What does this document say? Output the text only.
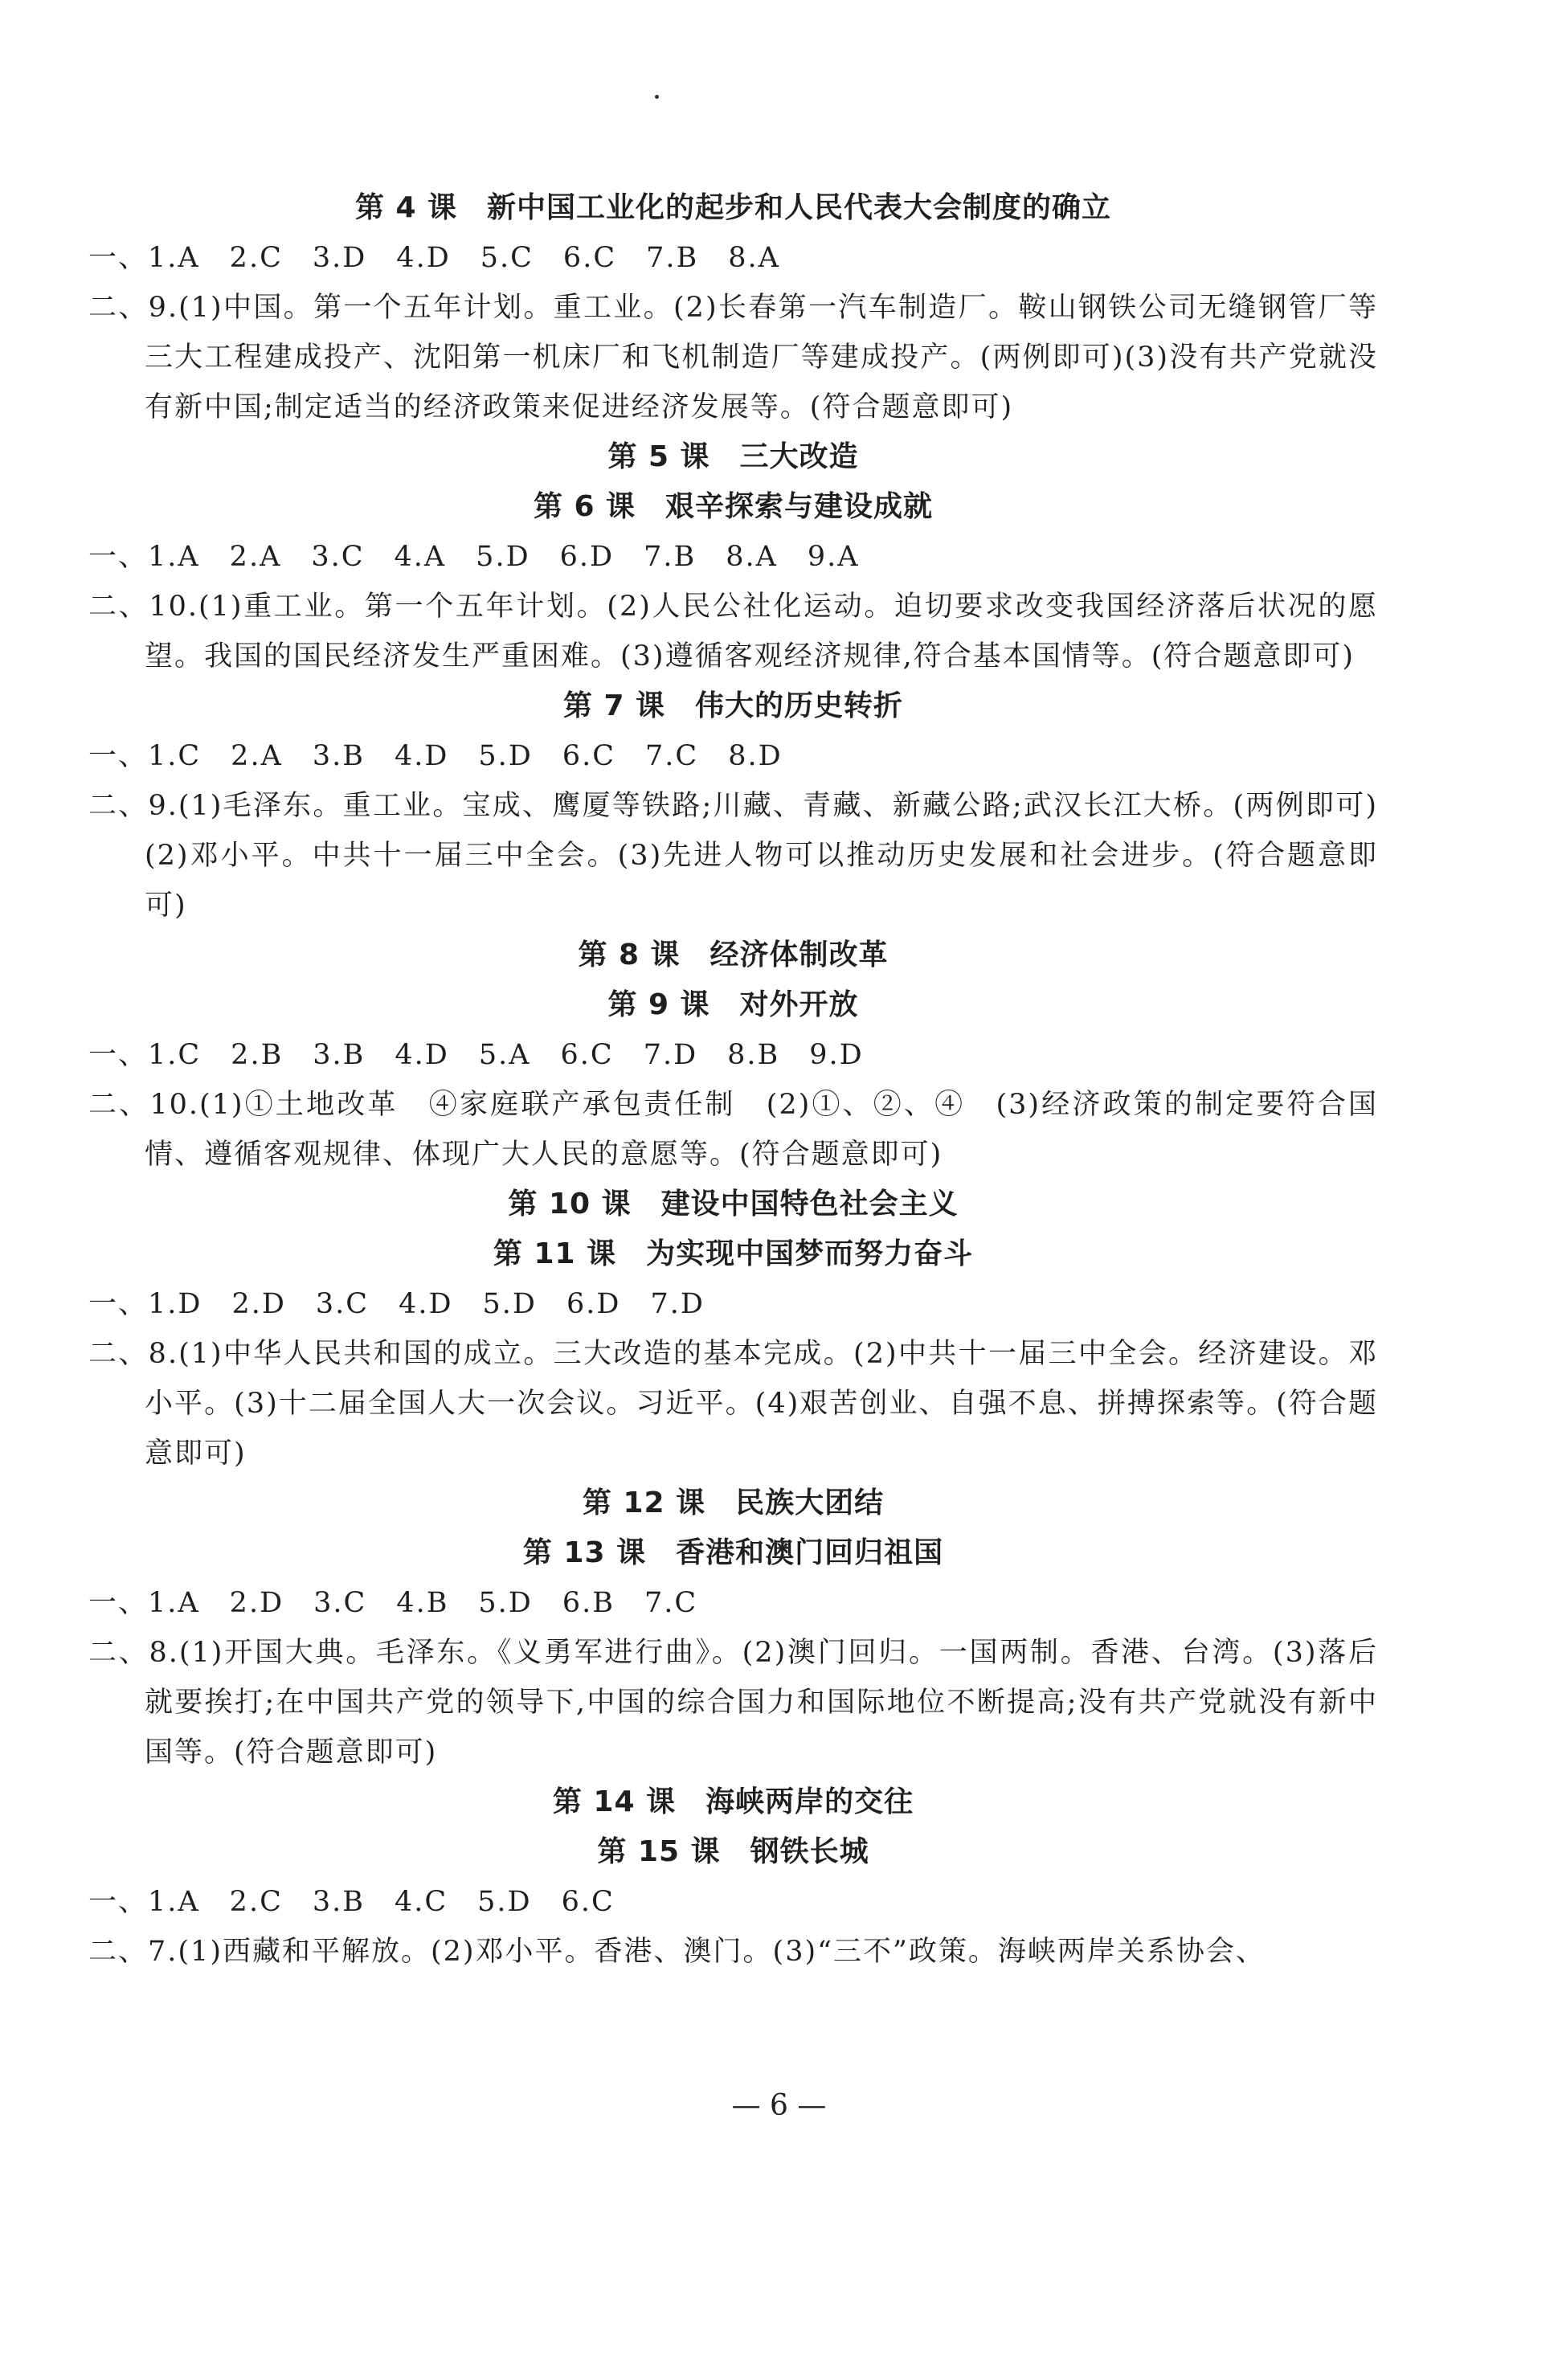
第 4 课　新中国工业化的起步和人民代表大会制度的确立
一、1.A　2.C　3.D　4.D　5.C　6.C　7.B　8.A
二、9.(1)中国。第一个五年计划。重工业。(2)长春第一汽车制造厂。鞍山钢铁公司无缝钢管厂等三大工程建成投产、沈阳第一机床厂和飞机制造厂等建成投产。(两例即可)(3)没有共产党就没有新中国;制定适当的经济政策来促进经济发展等。(符合题意即可)
第 5 课　三大改造
第 6 课　艰辛探索与建设成就
一、1.A　2.A　3.C　4.A　5.D　6.D　7.B　8.A　9.A
二、10.(1)重工业。第一个五年计划。(2)人民公社化运动。迫切要求改变我国经济落后状况的愿望。我国的国民经济发生严重困难。(3)遵循客观经济规律,符合基本国情等。(符合题意即可)
第 7 课　伟大的历史转折
一、1.C　2.A　3.B　4.D　5.D　6.C　7.C　8.D
二、9.(1)毛泽东。重工业。宝成、鹰厦等铁路;川藏、青藏、新藏公路;武汉长江大桥。(两例即可)(2)邓小平。中共十一届三中全会。(3)先进人物可以推动历史发展和社会进步。(符合题意即可)
第 8 课　经济体制改革
第 9 课　对外开放
一、1.C　2.B　3.B　4.D　5.A　6.C　7.D　8.B　9.D
二、10.(1)①土地改革　④家庭联产承包责任制　(2)①、②、④　(3)经济政策的制定要符合国情、遵循客观规律、体现广大人民的意愿等。(符合题意即可)
第 10 课　建设中国特色社会主义
第 11 课　为实现中国梦而努力奋斗
一、1.D　2.D　3.C　4.D　5.D　6.D　7.D
二、8.(1)中华人民共和国的成立。三大改造的基本完成。(2)中共十一届三中全会。经济建设。邓小平。(3)十二届全国人大一次会议。习近平。(4)艰苦创业、自强不息、拼搏探索等。(符合题意即可)
第 12 课　民族大团结
第 13 课　香港和澳门回归祖国
一、1.A　2.D　3.C　4.B　5.D　6.B　7.C
二、8.(1)开国大典。毛泽东。《义勇军进行曲》。(2)澳门回归。一国两制。香港、台湾。(3)落后就要挨打;在中国共产党的领导下,中国的综合国力和国际地位不断提高;没有共产党就没有新中国等。(符合题意即可)
第 14 课　海峡两岸的交往
第 15 课　钢铁长城
一、1.A　2.C　3.B　4.C　5.D　6.C
二、7.(1)西藏和平解放。(2)邓小平。香港、澳门。(3)“三不”政策。海峡两岸关系协会、
— 6 —
